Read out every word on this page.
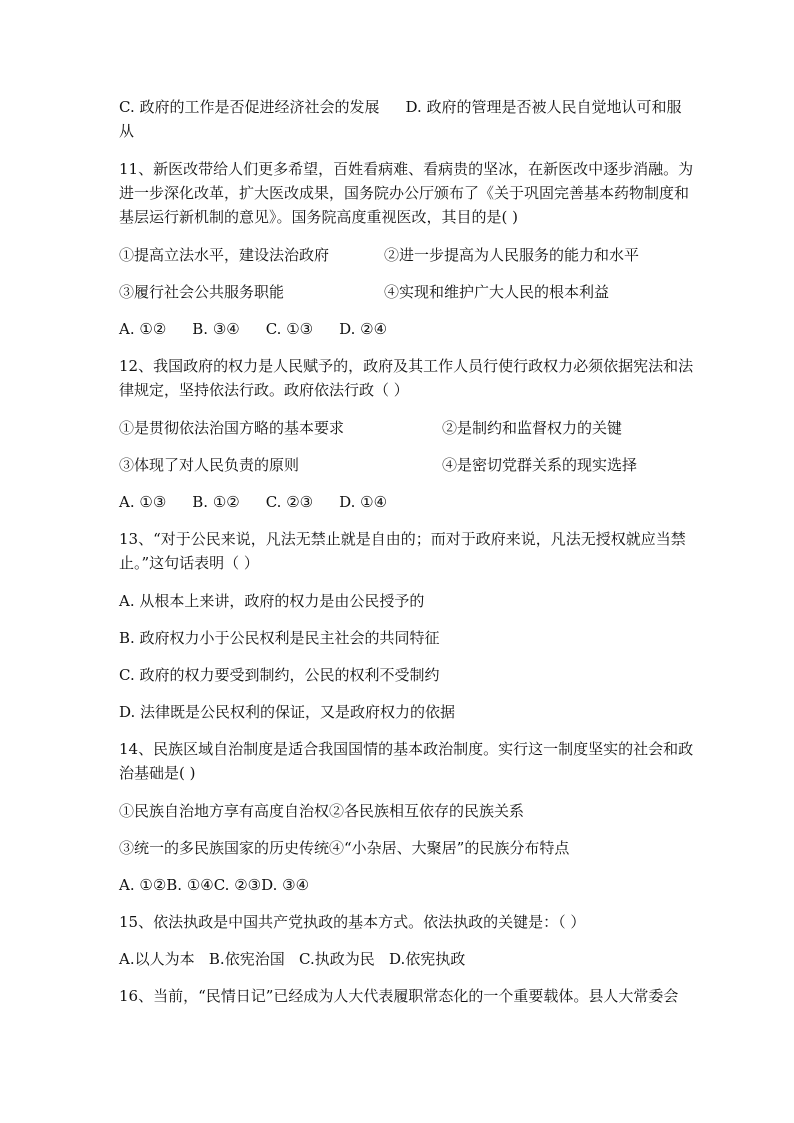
C. 政府的工作是否促进经济社会的发展 D. 政府的管理是否被人民自觉地认可和服
从
11、新医改带给人们更多希望，百姓看病难、看病贵的坚冰，在新医改中逐步消融。为
进一步深化改革，扩大医改成果，国务院办公厅颁布了《关于巩固完善基本药物制度和
基层运行新机制的意见》。国务院高度重视医改，其目的是( )
①提高立法水平，建设法治政府	②进一步提高为人民服务的能力和水平
③履行社会公共服务职能	④实现和维护广大人民的根本利益
A. ①② B. ③④ C. ①③ D. ②④
12、我国政府的权力是人民赋予的，政府及其工作人员行使行政权力必须依据宪法和法
律规定，坚持依法行政。政府依法行政（ ）
①是贯彻依法治国方略的基本要求	②是制约和监督权力的关键
③体现了对人民负责的原则	④是密切党群关系的现实选择
A. ①③ B. ①② C. ②③ D. ①④
13、“对于公民来说，凡法无禁止就是自由的；而对于政府来说，凡法无授权就应当禁
止。”这句话表明（ ）
A. 从根本上来讲，政府的权力是由公民授予的
B. 政府权力小于公民权利是民主社会的共同特征
C. 政府的权力要受到制约，公民的权利不受制约
D. 法律既是公民权利的保证，又是政府权力的依据
14、民族区域自治制度是适合我国国情的基本政治制度。实行这一制度坚实的社会和政
治基础是( )
①民族自治地方享有高度自治权②各民族相互依存的民族关系
③统一的多民族国家的历史传统④“小杂居、大聚居”的民族分布特点
A. ①②B. ①④C. ②③D. ③④
15、依法执政是中国共产党执政的基本方式。依法执政的关键是：（ ）
A.以人为本   B.依宪治国   C.执政为民   D.依宪执政
16、当前，“民情日记”已经成为人大代表履职常态化的一个重要载体。县人大常委会
